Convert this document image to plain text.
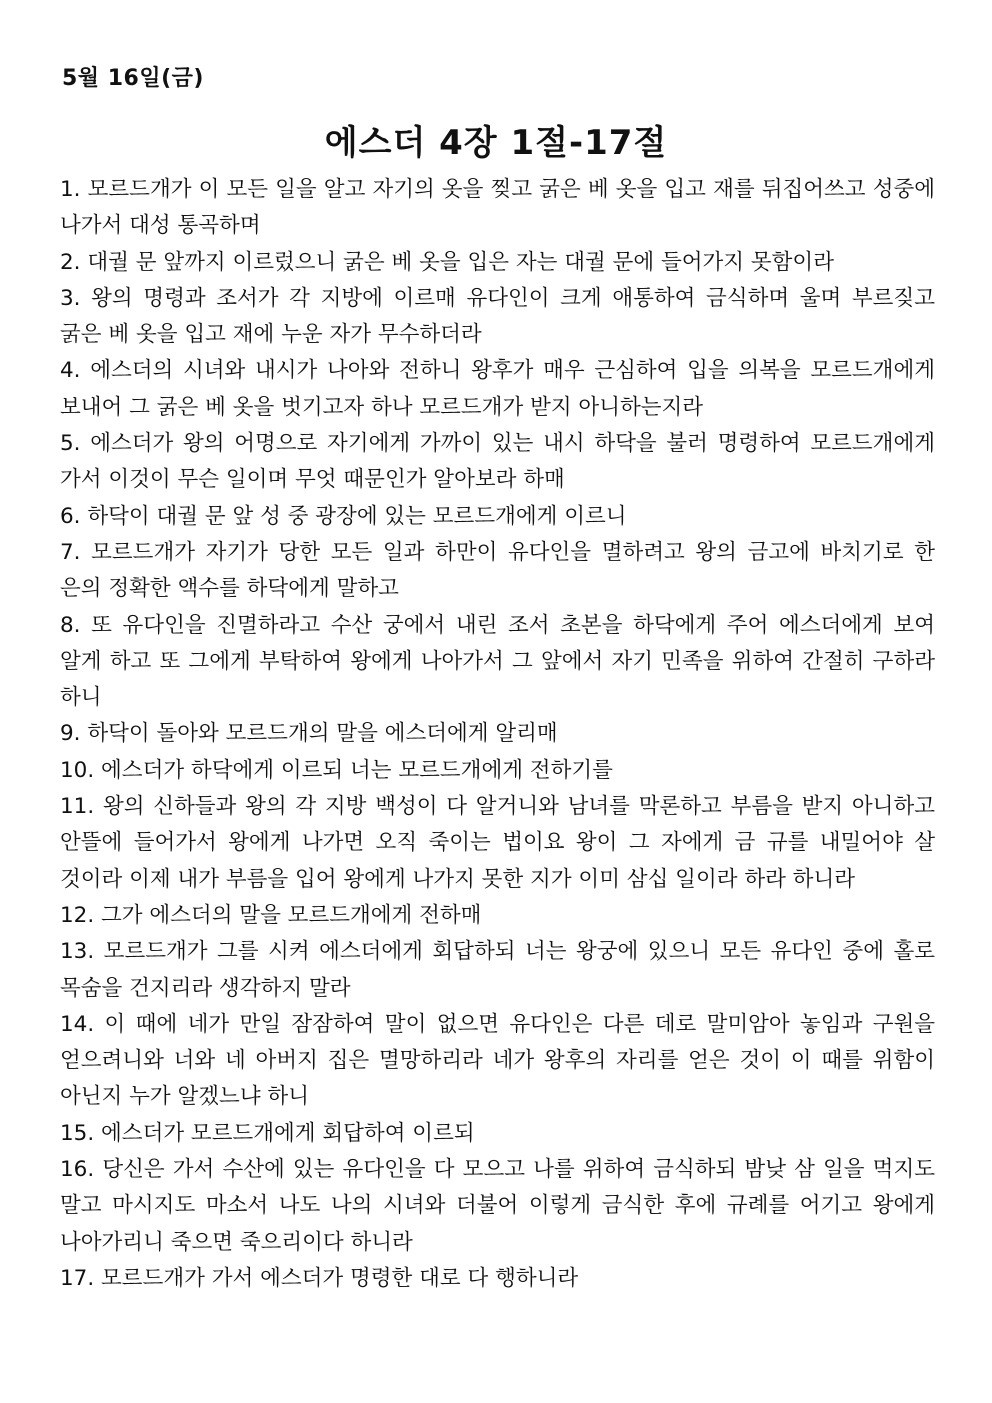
5월 16일(금)
에스더 4장 1절-17절
1. 모르드개가 이 모든 일을 알고 자기의 옷을 찢고 굵은 베 옷을 입고 재를 뒤집어쓰고 성중에 나가서 대성 통곡하며
2. 대궐 문 앞까지 이르렀으니 굵은 베 옷을 입은 자는 대궐 문에 들어가지 못함이라
3. 왕의 명령과 조서가 각 지방에 이르매 유다인이 크게 애통하여 금식하며 울며 부르짖고 굵은 베 옷을 입고 재에 누운 자가 무수하더라
4. 에스더의 시녀와 내시가 나아와 전하니 왕후가 매우 근심하여 입을 의복을 모르드개에게 보내어 그 굵은 베 옷을 벗기고자 하나 모르드개가 받지 아니하는지라
5. 에스더가 왕의 어명으로 자기에게 가까이 있는 내시 하닥을 불러 명령하여 모르드개에게 가서 이것이 무슨 일이며 무엇 때문인가 알아보라 하매
6. 하닥이 대궐 문 앞 성 중 광장에 있는 모르드개에게 이르니
7. 모르드개가 자기가 당한 모든 일과 하만이 유다인을 멸하려고 왕의 금고에 바치기로 한 은의 정확한 액수를 하닥에게 말하고
8. 또 유다인을 진멸하라고 수산 궁에서 내린 조서 초본을 하닥에게 주어 에스더에게 보여 알게 하고 또 그에게 부탁하여 왕에게 나아가서 그 앞에서 자기 민족을 위하여 간절히 구하라 하니
9. 하닥이 돌아와 모르드개의 말을 에스더에게 알리매
10. 에스더가 하닥에게 이르되 너는 모르드개에게 전하기를
11. 왕의 신하들과 왕의 각 지방 백성이 다 알거니와 남녀를 막론하고 부름을 받지 아니하고 안뜰에 들어가서 왕에게 나가면 오직 죽이는 법이요 왕이 그 자에게 금 규를 내밀어야 살 것이라 이제 내가 부름을 입어 왕에게 나가지 못한 지가 이미 삼십 일이라 하라 하니라
12. 그가 에스더의 말을 모르드개에게 전하매
13. 모르드개가 그를 시켜 에스더에게 회답하되 너는 왕궁에 있으니 모든 유다인 중에 홀로 목숨을 건지리라 생각하지 말라
14. 이 때에 네가 만일 잠잠하여 말이 없으면 유다인은 다른 데로 말미암아 놓임과 구원을 얻으려니와 너와 네 아버지 집은 멸망하리라 네가 왕후의 자리를 얻은 것이 이 때를 위함이 아닌지 누가 알겠느냐 하니
15. 에스더가 모르드개에게 회답하여 이르되
16. 당신은 가서 수산에 있는 유다인을 다 모으고 나를 위하여 금식하되 밤낮 삼 일을 먹지도 말고 마시지도 마소서 나도 나의 시녀와 더불어 이렇게 금식한 후에 규례를 어기고 왕에게 나아가리니 죽으면 죽으리이다 하니라
17. 모르드개가 가서 에스더가 명령한 대로 다 행하니라
